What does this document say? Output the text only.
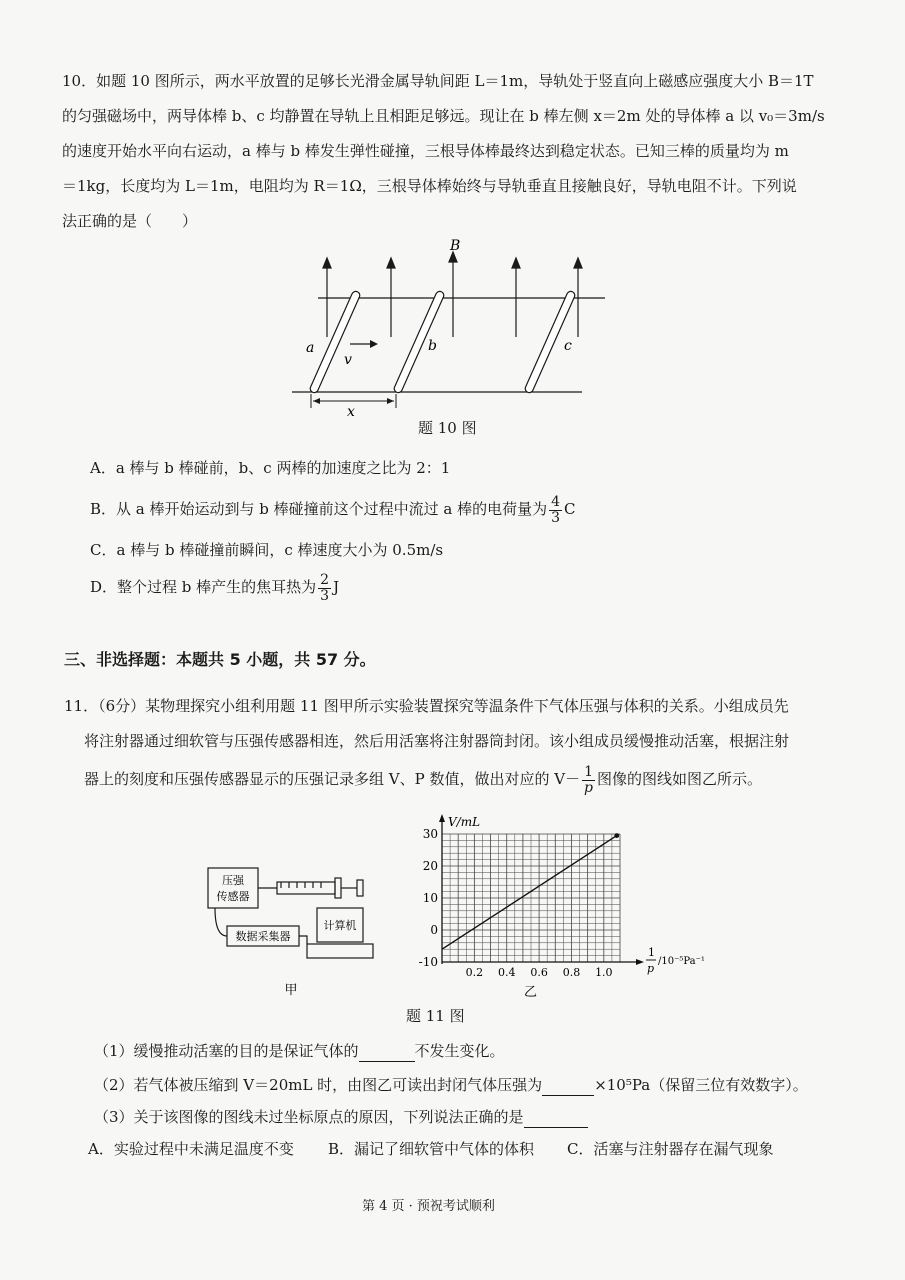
10．如题 10 图所示，两水平放置的足够长光滑金属导轨间距 L＝1m，导轨处于竖直向上磁感应强度大小 B＝1T
的匀强磁场中，两导体棒 b、c 均静置在导轨上且相距足够远。现让在 b 棒左侧 x＝2m 处的导体棒 a 以 v₀＝3m/s
的速度开始水平向右运动，a 棒与 b 棒发生弹性碰撞，三根导体棒最终达到稳定状态。已知三棒的质量均为 m
＝1kg，长度均为 L＝1m，电阻均为 R＝1Ω，三根导体棒始终与导轨垂直且接触良好，导轨电阻不计。下列说
法正确的是（　　）
B
v
a	b	c
x
题 10 图
A．a 棒与 b 棒碰前，b、c 两棒的加速度之比为 2：1
B．从 a 棒开始运动到与 b 棒碰撞前这个过程中流过 a 棒的电荷量为 $\frac{4}{3}$ C
C．a 棒与 b 棒碰撞前瞬间，c 棒速度大小为 0.5m/s
D．整个过程 b 棒产生的焦耳热为 $\frac{2}{3}$ J
三、非选择题：本题共 5 小题，共 57 分。
11．（6分）某物理探究小组利用题 11 图甲所示实验装置探究等温条件下气体压强与体积的关系。小组成员先
将注射器通过细软管与压强传感器相连，然后用活塞将注射器筒封闭。该小组成员缓慢推动活塞，根据注射
器上的刻度和压强传感器显示的压强记录多组 V、P 数值，做出对应的 $V- \frac{1}{p}$ 图像的图线如图乙所示。
压强
传感器
数据采集器
计算机
甲
30
20
10
0
-10
0.2 0.4 0.6 0.8 1.0
V/mL
1
p
/10⁻⁵Pa⁻¹
乙
题 11 图
（1）缓慢推动活塞的目的是保证气体的	不发生变化。
（2）若气体被压缩到 V＝20mL 时，由图乙可读出封闭气体压强为	×10⁵Pa（保留三位有效数字）。
（3）关于该图像的图线未过坐标原点的原因，下列说法正确的是
A．实验过程中未满足温度不变 B．漏记了细软管中气体的体积 C．活塞与注射器存在漏气现象
第 4 页 · 预祝考试顺利
